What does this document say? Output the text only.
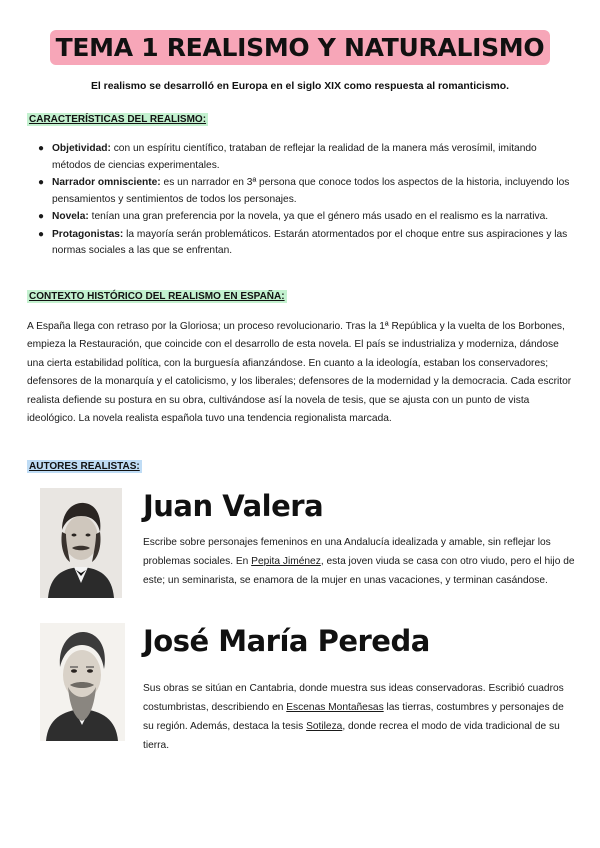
TEMA 1 REALISMO Y NATURALISMO
El realismo se desarrolló en Europa en el siglo XIX como respuesta al romanticismo.
CARACTERÍSTICAS DEL REALISMO:
● Objetividad: con un espíritu científico, trataban de reflejar la realidad de la manera más verosímil, imitando métodos de ciencias experimentales.
● Narrador omnisciente: es un narrador en 3ª persona que conoce todos los aspectos de la historia, incluyendo los pensamientos y sentimientos de todos los personajes.
● Novela: tenían una gran preferencia por la novela, ya que el género más usado en el realismo es la narrativa.
● Protagonistas: la mayoría serán problemáticos. Estarán atormentados por el choque entre sus aspiraciones y las normas sociales a las que se enfrentan.
CONTEXTO HISTÓRICO DEL REALISMO EN ESPAÑA:
A España llega con retraso por la Gloriosa; un proceso revolucionario. Tras la 1ª República y la vuelta de los Borbones, empieza la Restauración, que coincide con el desarrollo de esta novela. El país se industrializa y moderniza, dándose una cierta estabilidad política, con la burguesía afianzándose. En cuanto a la ideología, estaban los conservadores; defensores de la monarquía y el catolicismo, y los liberales; defensores de la modernidad y la democracia. Cada escritor realista defiende su postura en su obra, cultivándose así la novela de tesis, que se ajusta con un punto de vista ideológico. La novela realista española tuvo una tendencia regionalista marcada.
AUTORES REALISTAS:
Juan Valera
Escribe sobre personajes femeninos en una Andalucía idealizada y amable, sin reflejar los problemas sociales. En Pepita Jiménez, esta joven viuda se casa con otro viudo, pero el hijo de este; un seminarista, se enamora de la mujer en unas vacaciones, y terminan casándose.
José María Pereda
Sus obras se sitúan en Cantabria, donde muestra sus ideas conservadoras. Escribió cuadros costumbristas, describiendo en Escenas Montañesas las tierras, costumbres y personajes de su región. Además, destaca la tesis Sotileza, donde recrea el modo de vida tradicional de su tierra.
